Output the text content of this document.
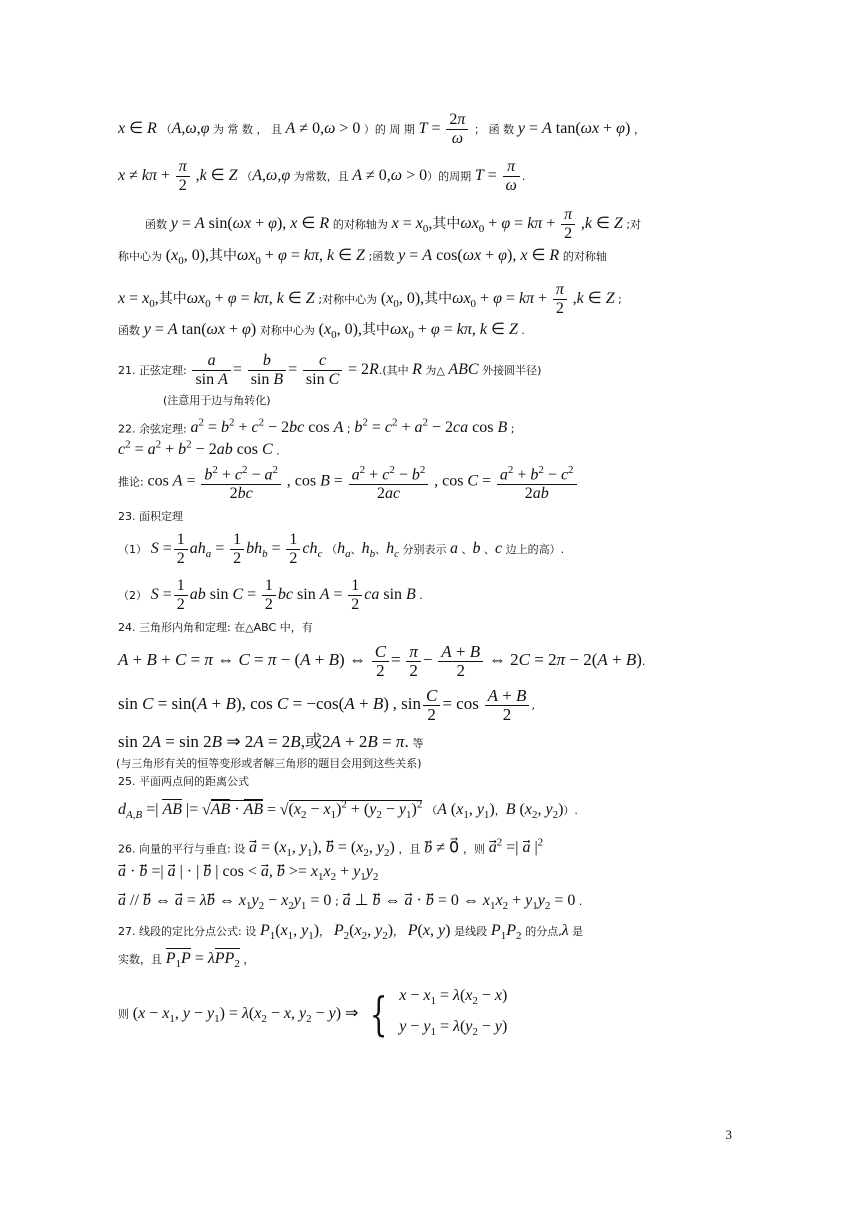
x ∈ R （A,ω,φ 为 常 数 ， 且 A ≠ 0,ω > 0 ）的 周 期 $T = \frac{2\pi}{\omega}$ ； 函 数 y = A tan(ωx + φ) ，
$x \ne k\pi + \frac{\pi}{2} ,k$ ∈ Z （A,ω,φ 为常数，且 A ≠ 0,ω > 0）的周期 $T = \frac{\pi}{\omega}$ .
函数 y = A sin(ωx + φ), x ∈ R 的对称轴为 $x = x_0$,其中$\omega x_0 + \varphi = k\pi + \frac{\pi}{2} ,k$ ∈ Z ;对
称中心为 ($x_0$, 0),其中$\omega x_0 + \varphi = k\pi$, k ∈ Z ;函数 y = A cos(ωx + φ), x ∈ R 的对称轴
$x = x_0$,其中$\omega x_0 + \varphi = k\pi$, k ∈ Z ;对称中心为 ($x_0$, 0),其中$\omega x_0 + \varphi = k\pi + \frac{\pi}{2} ,k$ ∈ Z ;
函数 y = A tan(ωx + φ) 对称中心为 ($x_0$, 0),其中$\omega x_0 + \varphi = k\pi$, k ∈ Z .
21. 正弦定理: $\frac{a}{\text{sin A}} = \frac{b}{\text{sin B}} = \frac{c}{\text{sin C}} = 2R$.(其中 R 为△ ABC 外接圆半径)
(注意用于边与角转化)
22. 余弦定理: $a^2 = b^2 + c^2 - 2bc$ cos A ; $b^2 = c^2 + a^2 - 2ca$ cos B ;
$c^2 = a^2 + b^2 - 2ab$ cos C .
推论: $\cos A = \frac{b^2 + c^2 - a^2}{2bc}$ , $\cos B = \frac{a^2 + c^2 - b^2}{2ac}$ , $\cos C = \frac{a^2 + b^2 - c^2}{2ab}$
23. 面积定理
（1） $S = \frac{1}{2} ah_a = \frac{1}{2} bh_b = \frac{1}{2} ch_c$ （$h_a$、$h_b$、$h_c$ 分别表示 a 、b 、c 边上的高）.
（2） $S = \frac{1}{2}$ ab $\sin C = \frac{1}{2}$ bc $\sin A = \frac{1}{2}$ ca sin B .
24. 三角形内角和定理: 在△ABC 中，有
A + B + C = π ⇔ C = π − (A + B) ⇔ $\frac{C}{2} = \frac{\pi}{2} - \frac{A + B}{2}$ ⇔ 2C = 2π − 2(A + B).
sin C = sin(A + B), cos C = −cos(A + B) , $\sin \frac{C}{2} = \cos \frac{A + B}{2}$ ,
sin 2A = sin 2B ⇒ 2A = 2B,或2A + 2B = π. 等
(与三角形有关的恒等变形或者解三角形的题目会用到这些关系)
25. 平面两点间的距离公式
$d_{A,B}$ =| AB |= √AB · AB = $√(x_2 - x_1)^2 + (y_2 - y_1)^2$ （A ($x_1$, $y_1$)，B ($x_2$, $y_2$)）.
26. 向量的平行与垂直: 设 a⃗ = ($x_1$, $y_1$), b⃗ = ($x_2$, $y_2$) ，且 b⃗ ≠ 0⃗ ，则 $a^2$ =| a⃗ $|^2$
a⃗ · b⃗ =| a⃗ | · | b⃗ | cos < a⃗, b⃗ >= $x_1x_2 + y_1y_2$
a⃗ // b⃗ ⇔ a⃗ = λb⃗ ⇔ $x_1y_2 - x_2y_1 = 0$ ; a⃗ ⊥ b⃗ ⇔ a⃗ · b⃗ = 0 ⇔ $x_1x_2 + y_1y_2 = 0$ .
27. 线段的定比分点公式: 设 $P_1(x_1$, $y_1$)， $P_2(x_2$, $y_2$)， P(x, y) 是线段 $P_1P_2$ 的分点,λ 是
实数，且 $P_1P = \lambda PP_2$ ，
则 ($x - x_1$, $y - y_1) = \lambda(x_2 - x$, $y_2 - y$) ⇒ { $x - x_1 = \lambda(x_2 - x)$
$y - y_1 = \lambda(y_2 - y)$
3
